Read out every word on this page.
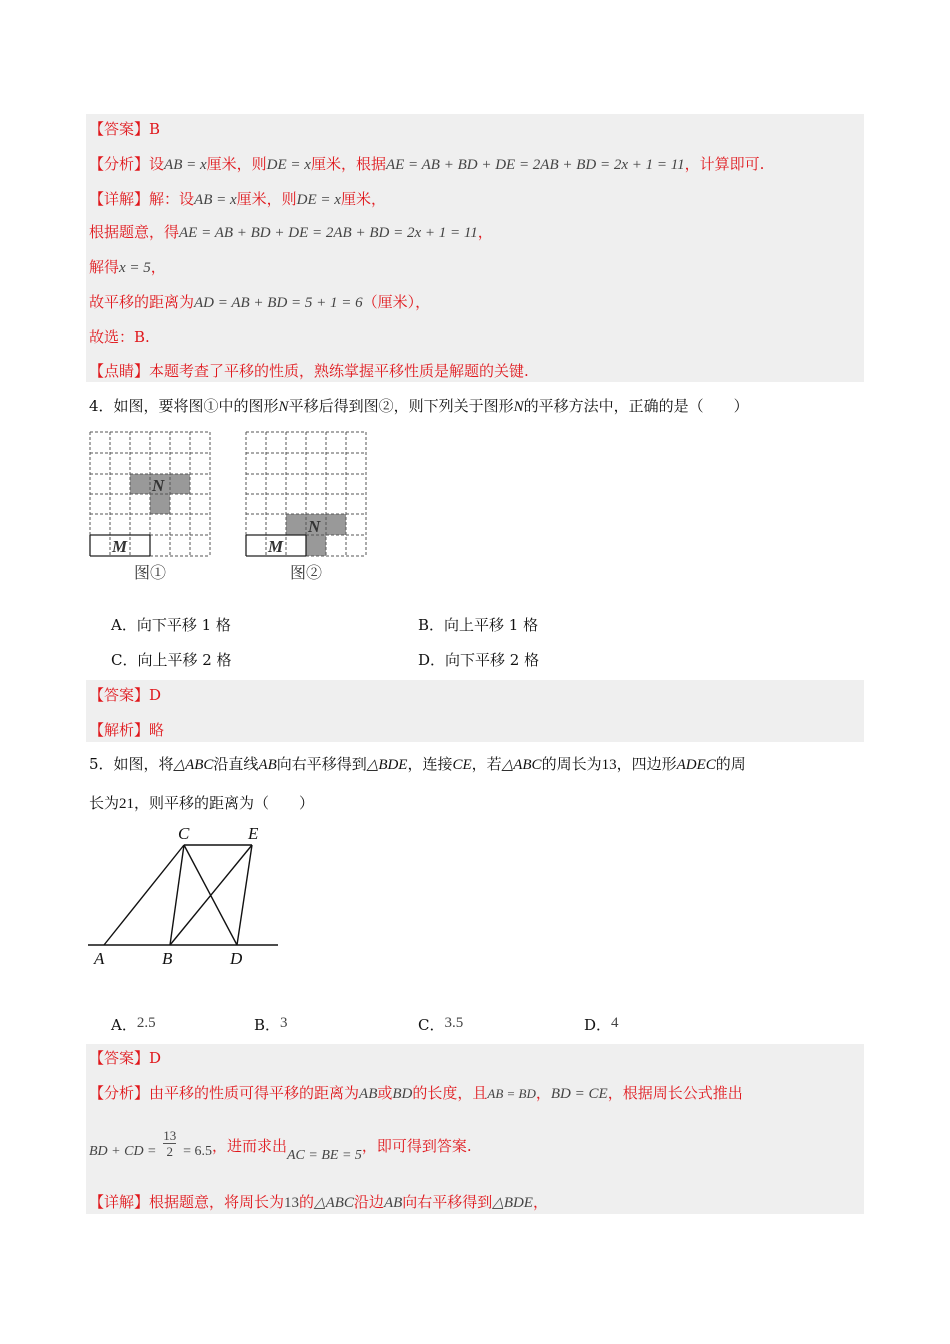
【答案】B
【分析】设AB = x厘米，则DE = x厘米，根据AE = AB + BD + DE = 2AB + BD = 2x + 1 = 11，计算即可.
【详解】解：设AB = x厘米，则DE = x厘米，
根据题意，得AE = AB + BD + DE = 2AB + BD = 2x + 1 = 11，
解得x = 5，
故平移的距离为AD = AB + BD = 5 + 1 = 6（厘米），
故选：B.
【点睛】本题考查了平移的性质，熟练掌握平移性质是解题的关键.
4．如图，要将图①中的图形N平移后得到图②，则下列关于图形N的平移方法中，正确的是（　　）
N
M
图①
N
M
图②
A．向下平移 1 格	B．向上平移 1 格
C．向上平移 2 格	D．向下平移 2 格
【答案】D
【解析】略
5．如图，将△ABC沿直线AB向右平移得到△BDE，连接CE，若△ABC的周长为13，四边形ADEC的周
长为21，则平移的距离为（　　）
C	E
A	B	D
A．2.5	B．3	C．3.5	D．4
【答案】D
【分析】由平移的性质可得平移的距离为AB或BD的长度，且AB = BD，BD = CE，根据周长公式推出
BD + CD = $\frac{13}{2} = 6.5$，进而求出AC = BE = 5，即可得到答案.
【详解】根据题意，将周长为13的△ABC沿边AB向右平移得到△BDE，
